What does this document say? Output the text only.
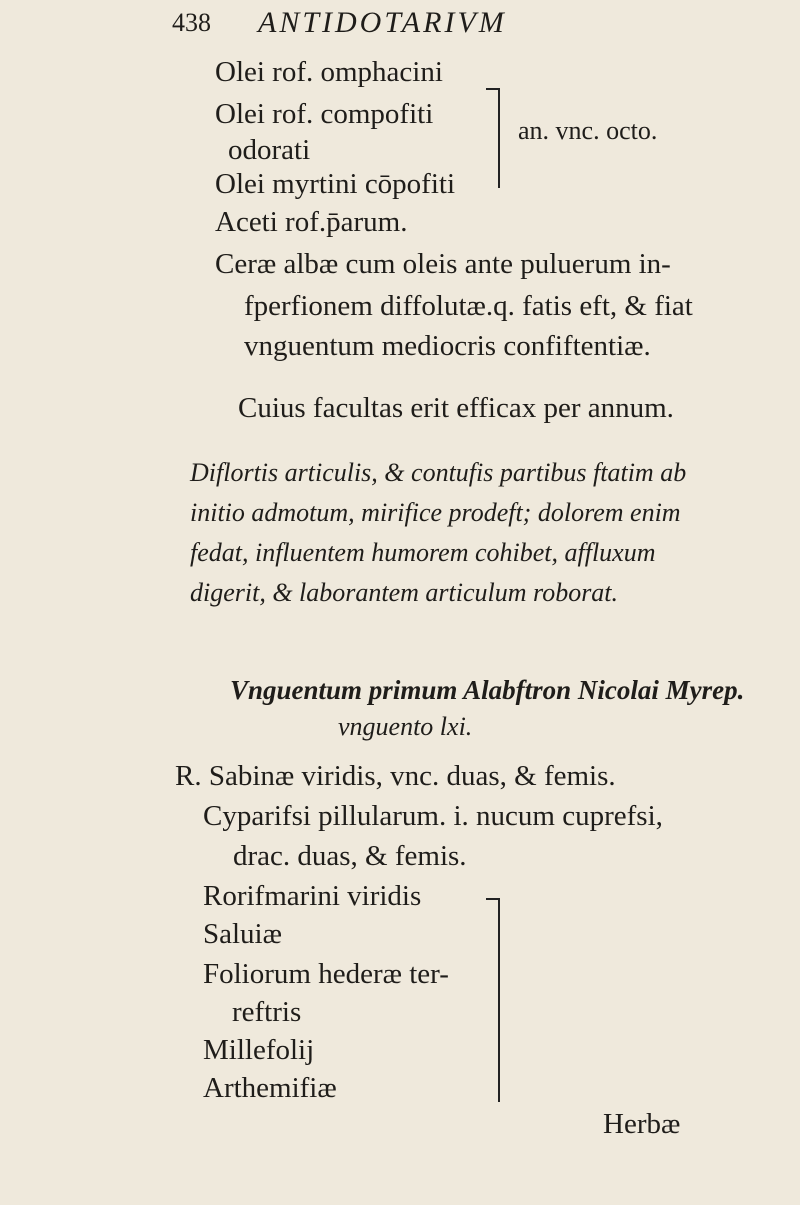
438 ANTIDOTARIVM
Olei rof. omphacini
Olei rof. compofiti
odorati
Olei myrtini cōpofiti
Aceti rof.p̄arum.
an. vnc. octo.
Ceræ albæ cum oleis ante puluerum in-
fperfionem diffolutæ.q. fatis eft, & fiat
vnguentum mediocris confiftentiæ.
Cuius facultas erit efficax per annum.
Diflortis articulis, & contufis partibus ftatim ab
initio admotum, mirifice prodeft; dolorem enim
fedat, influentem humorem cohibet, affluxum
digerit, & laborantem articulum roborat.
Vnguentum primum Alabftron Nicolai Myrep.
vnguento lxi.
R. Sabinæ viridis, vnc. duas, & femis.
Cyparifsi pillularum. i. nucum cuprefsi,
drac. duas, & femis.
Rorifmarini viridis
Saluiæ
Foliorum hederæ ter-
reftris
Millefolij
Arthemifiæ
Herbæ
